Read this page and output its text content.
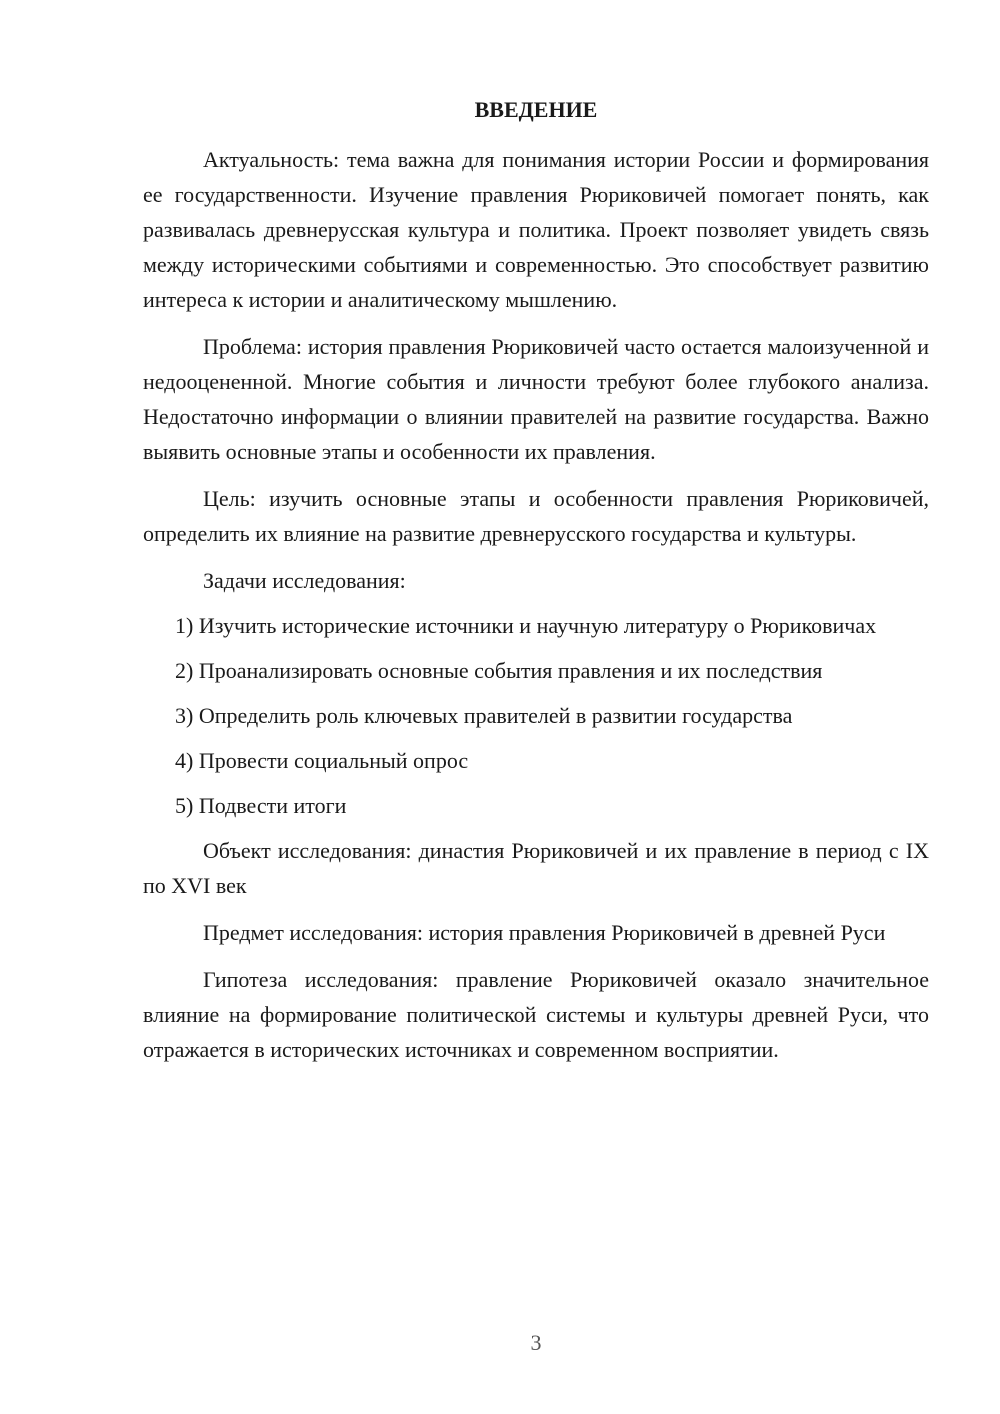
ВВЕДЕНИЕ

Актуальность: тема важна для понимания истории России и формирования ее государственности. Изучение правления Рюриковичей помогает понять, как развивалась древнерусская культура и политика. Проект позволяет увидеть связь между историческими событиями и современностью. Это способствует развитию интереса к истории и аналитическому мышлению.

Проблема: история правления Рюриковичей часто остается малоизученной и недооцененной. Многие события и личности требуют более глубокого анализа. Недостаточно информации о влиянии правителей на развитие государства. Важно выявить основные этапы и особенности их правления.

Цель: изучить основные этапы и особенности правления Рюриковичей, определить их влияние на развитие древнерусского государства и культуры.

Задачи исследования:

1) Изучить исторические источники и научную литературу о Рюриковичах

2) Проанализировать основные события правления и их последствия

3) Определить роль ключевых правителей в развитии государства

4) Провести социальный опрос

5) Подвести итоги

Объект исследования: династия Рюриковичей и их правление в период с IX по XVI век

Предмет исследования: история правления Рюриковичей в древней Руси

Гипотеза исследования: правление Рюриковичей оказало значительное влияние на формирование политической системы и культуры древней Руси, что отражается в исторических источниках и современном восприятии.

3
